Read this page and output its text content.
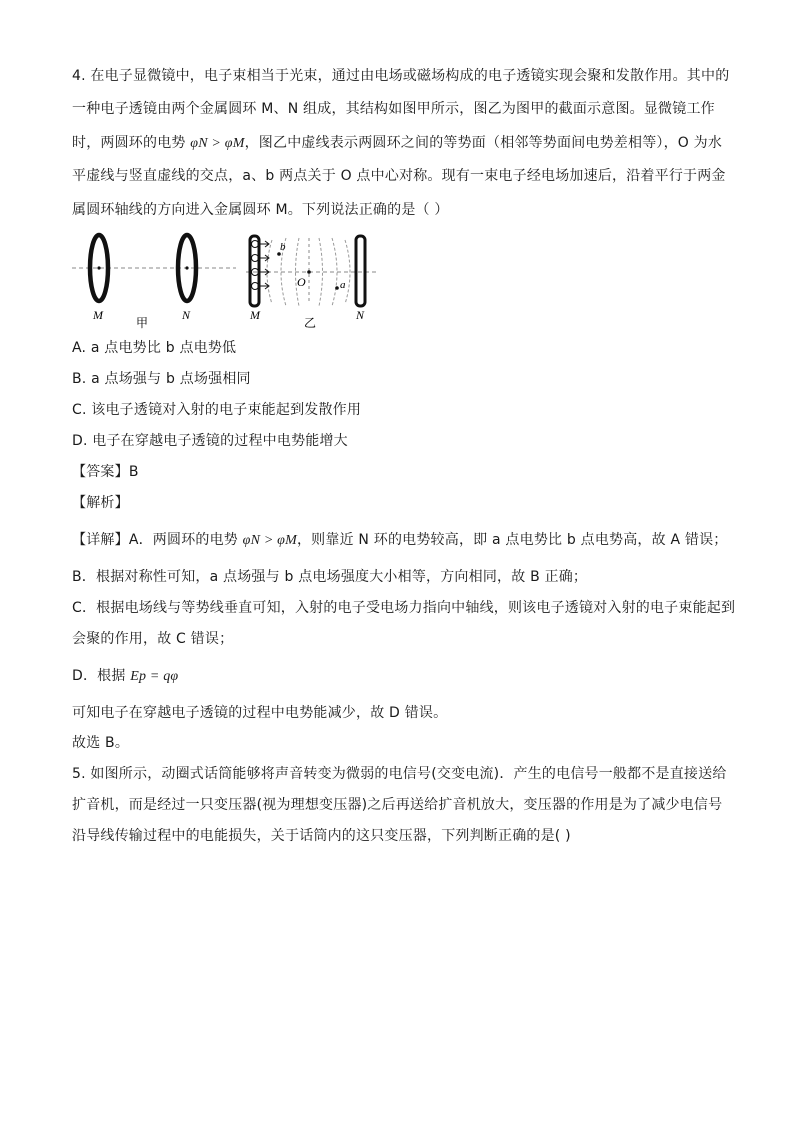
4. 在电子显微镜中，电子束相当于光束，通过由电场或磁场构成的电子透镜实现会聚和发散作用。其中的
一种电子透镜由两个金属圆环 M、N 组成，其结构如图甲所示，图乙为图甲的截面示意图。显微镜工作
时，两圆环的电势 φN > φM，图乙中虚线表示两圆环之间的等势面（相邻等势面间电势差相等），O 为水
平虚线与竖直虚线的交点，a、b 两点关于 O 点中心对称。现有一束电子经电场加速后，沿着平行于两金
属圆环轴线的方向进入金属圆环 M。下列说法正确的是（ ）
M	N
甲
O
b
a
M	N
乙
A. a 点电势比 b 点电势低
B. a 点场强与 b 点场强相同
C. 该电子透镜对入射的电子束能起到发散作用
D. 电子在穿越电子透镜的过程中电势能增大
【答案】B
【解析】
【详解】A．两圆环的电势 φN > φM，则靠近 N 环的电势较高，即 a 点电势比 b 点电势高，故 A 错误；
B．根据对称性可知，a 点场强与 b 点电场强度大小相等，方向相同，故 B 正确；
C．根据电场线与等势线垂直可知，入射的电子受电场力指向中轴线，则该电子透镜对入射的电子束能起到
会聚的作用，故 C 错误；
D．根据 Ep = qφ
可知电子在穿越电子透镜的过程中电势能减少，故 D 错误。
故选 B。
5. 如图所示，动圈式话筒能够将声音转变为微弱的电信号(交变电流)．产生的电信号一般都不是直接送给
扩音机，而是经过一只变压器(视为理想变压器)之后再送给扩音机放大，变压器的作用是为了减少电信号
沿导线传输过程中的电能损失，关于话筒内的这只变压器，下列判断正确的是( )
